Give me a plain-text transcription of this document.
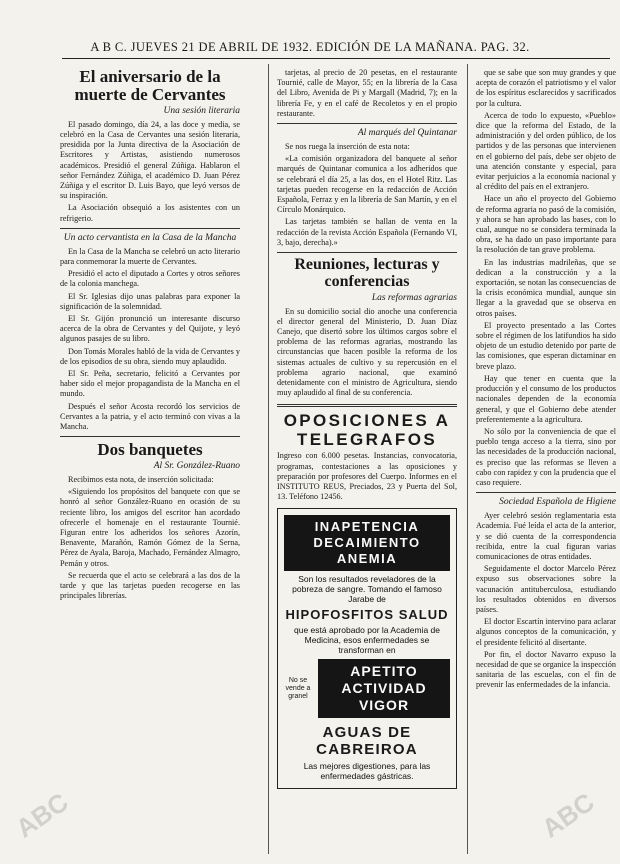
A B C. JUEVES 21 DE ABRIL DE 1932. EDICIÓN DE LA MAÑANA. PAG. 32.
El aniversario de la muerte de Cervantes
Una sesión literaria

El pasado domingo, día 24, a las doce y media, se celebró en la Casa de Cervantes una sesión literaria, presidida por la Junta directiva de la Asociación de Escritores y Artistas, asistiendo numerosos académicos. Presidió el general Zúñiga. Hablaron el señor Fernández Zúñiga, el académico D. Juan Pérez Zúñiga y el escritor D. Luis Bayo, que leyó versos de su inspiración.

La Asociación obsequió a los asistentes con un refrigerio.

Un acto cervantista en la Casa de la Mancha

En la Casa de la Mancha se celebró un acto literario para conmemorar la muerte de Cervantes.

Presidió el acto el diputado a Cortes y otros señores de la colonia manchega.

El Sr. Iglesias dijo unas palabras para exponer la significación de la solemnidad.

El Sr. Gijón pronunció un interesante discurso acerca de la obra de Cervantes y del Quijote, y leyó algunos pasajes de su libro.

Don Tomás Morales habló de la vida de Cervantes y de los episodios de su obra, siendo muy aplaudido.

El Sr. Peña, secretario, felicitó a Cervantes por haber sido el mejor propagandista de la Mancha en el mundo.

Después el señor Acosta recordó los servicios de Cervantes a la patria, y el acto terminó con vivas a la Mancha.

Dos banquetes
Al Sr. González-Ruano

Recibimos esta nota, de inserción solicitada:

«Siguiendo los propósitos del banquete con que se honró al señor González-Ruano en ocasión de su reciente libro, los amigos del escritor han acordado ofrecerle el homenaje en el restaurante Tournié. Figuran entre los adheridos los señores Azorín, Benavente, Marañón, Ramón Gómez de la Serna, Pérez de Ayala, Baroja, Machado, Fernández Almagro, Pemán y otros.

Se recuerda que el acto se celebrará a las dos de la tarde y que las tarjetas pueden recogerse en las principales librerías.

tarjetas, al precio de 20 pesetas, en el restaurante Tournié, calle de Mayor, 55; en la librería de la Casa del Libro, Avenida de Pi y Margall (Madrid, 7); en la librería Fe, y en el café de Recoletos y en el propio restaurante.

Al marqués del Quintanar

Se nos ruega la inserción de esta nota:

«La comisión organizadora del banquete al señor marqués de Quintanar comunica a los adheridos que se celebrará el día 25, a las dos, en el Hotel Ritz. Las tarjetas pueden recogerse en la redacción de Acción Española, Ferraz y en la librería de San Martín, y en el Círculo Monárquico.

Las tarjetas también se hallan de venta en la redacción de la revista Acción Española (Fernando VI, 3, bajo, derecha).»

Reuniones, lecturas y conferencias
Las reformas agrarias

En su domicilio social dio anoche una conferencia el director general del Ministerio, D. Juan Díaz Canejo, que disertó sobre los últimos cargos sobre el problema de las reformas agrarias, mostrando las circunstancias que hacen posible la reforma de los sistemas actuales de cultivo y su repercusión en el problema agrario nacional, que examinó detenidamente con el ministro de Agricultura, siendo muy aplaudido al final de su conferencia.

OPOSICIONES A TELEGRAFOS

Ingreso con 6.000 pesetas. Instancias, convocatoria, programas, contestaciones a las oposiciones y preparación por profesores del Cuerpo. Informes en el INSTITUTO REUS, Preciados, 23 y Puerta del Sol, 13. Teléfono 12456.

INAPETENCIA
DECAIMIENTO
ANEMIA
Son los resultados reveladores de la pobreza de sangre. Tomando el famoso Jarabe de
HIPOFOSFITOS SALUD
que está aprobado por la Academia de Medicina, esos enfermedades se transforman en
No se vende a granel
APETITO
ACTIVIDAD
VIGOR
AGUAS DE CABREIROA
Las mejores digestiones, para las enfermedades gástricas.

que se sabe que son muy grandes y que acepta de corazón el patriotismo y el valor de los espíritus esclarecidos y sacrificados por la cultura.

Acerca de todo lo expuesto, «Pueblo» dice que la reforma del Estado, de la administración y del orden público, de los partidos y de las personas que intervienen en el gobierno del país, debe ser objeto de una atención constante y especial, para evitar perjuicios a la economía nacional y al crédito del país en el extranjero.

Hace un año el proyecto del Gobierno de reforma agraria no pasó de la comisión, y ahora se han aprobado las bases, con lo cual, aunque no se considera terminada la obra, se ha dado un paso importante para la resolución de tan grave problema.

En las industrias madrileñas, que se dedican a la construcción y a la exportación, se notan las consecuencias de la crisis económica mundial, aunque sin llegar a la gravedad que se observa en otros países.

El proyecto presentado a las Cortes sobre el régimen de los latifundios ha sido objeto de un estudio detenido por parte de las comisiones, que esperan dictaminar en breve plazo.

Hay que tener en cuenta que la producción y el consumo de los productos nacionales dependen de la economía general, y que el Gobierno debe atender preferentemente a la agricultura.

No sólo por la conveniencia de que el pueblo tenga acceso a la tierra, sino por las necesidades de la producción nacional, es preciso que las reformas se lleven a cabo con rapidez y con la prudencia que el caso requiere.

Sociedad Española de Higiene

Ayer celebró sesión reglamentaria esta Academia. Fué leída el acta de la anterior, y se dió cuenta de la correspondencia recibida, entre la cual figuran varias comunicaciones de otras entidades.

Seguidamente el doctor Marcelo Pérez expuso sus observaciones sobre la vacunación antituberculosa, estudiando los resultados obtenidos en diversos países.

El doctor Escartín intervino para aclarar algunos conceptos de la comunicación, y el presidente felicitó al disertante.

Por fin, el doctor Navarro expuso la necesidad de que se organice la inspección sanitaria de las escuelas, con el fin de prevenir las enfermedades de la infancia.

ABC	ABC
